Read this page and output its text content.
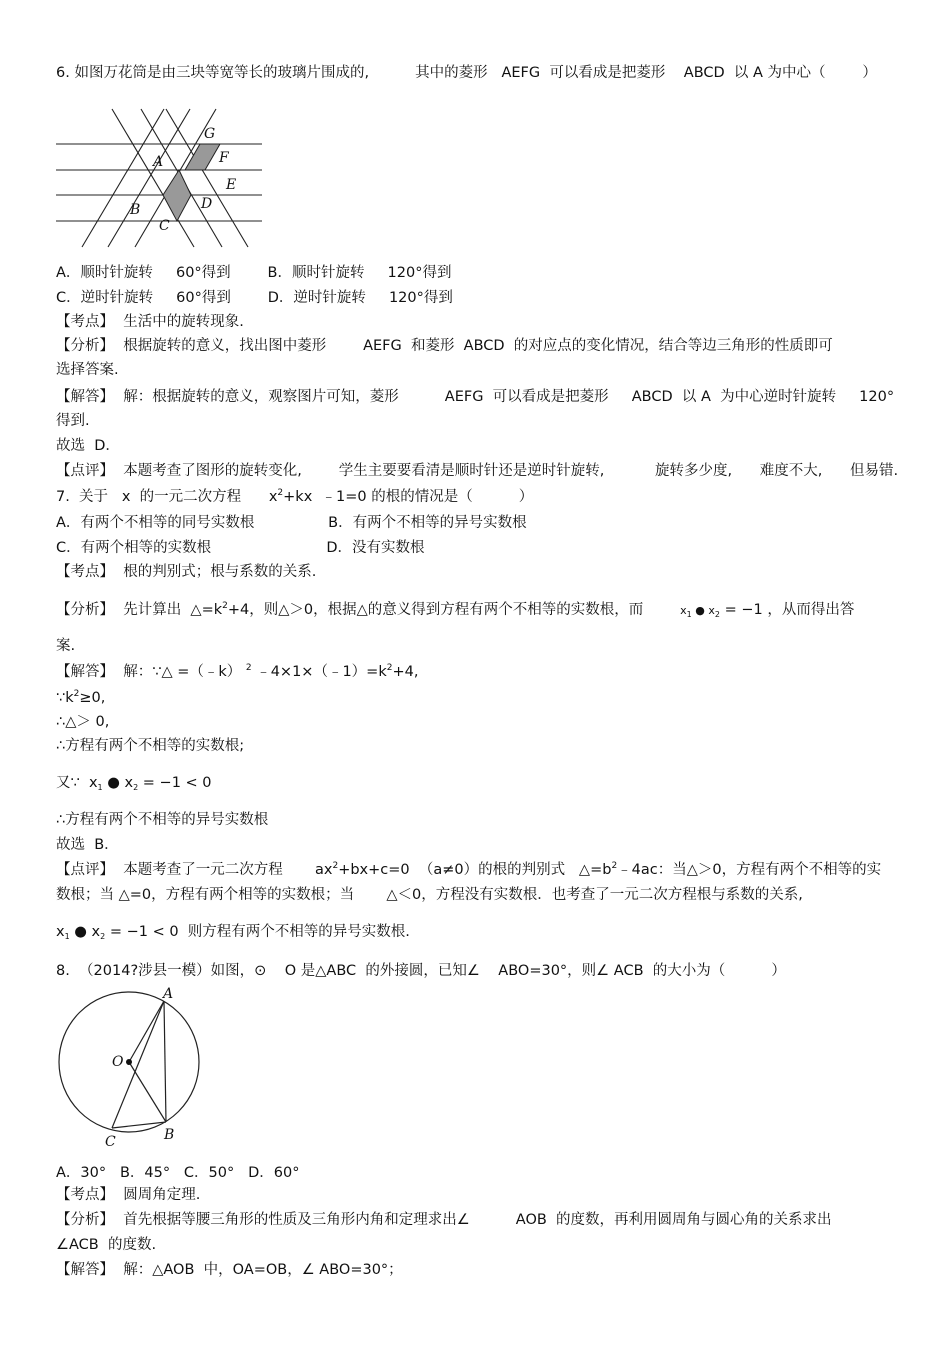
6. 如图万花筒是由三块等宽等长的玻璃片围成的,          其中的菱形   AEFG  可以看成是把菱形    ABCD  以 A 为中心（        ）
G
F
A
E
B	D
C
A．顺时针旋转     60°得到        B．顺时针旋转     120°得到
C．逆时针旋转     60°得到        D．逆时针旋转     120°得到
【考点】  生活中的旋转现象.
【分析】  根据旋转的意义，找出图中菱形        AEFG  和菱形  ABCD  的对应点的变化情况，结合等边三角形的性质即可
选择答案.
【解答】  解：根据旋转的意义，观察图片可知，菱形          AEFG  可以看成是把菱形     ABCD  以 A  为中心逆时针旋转     120°
得到.
故选  D．
【点评】  本题考查了图形的旋转变化,        学生主要要看清是顺时针还是逆时针旋转,           旋转多少度,      难度不大,      但易错.
7.  关于   x  的一元二次方程      $x^2+kx$  ﹣1=0 的根的情况是（          ）
A．有两个不相等的同号实数根                B．有两个不相等的异号实数根
C．有两个相等的实数根                         D．没有实数根
【考点】  根的判别式；根与系数的关系.
【分析】  先计算出  $\triangle=k^2+4$，则△＞0，根据△的意义得到方程有两个不相等的实数根，而	$x_1$ ● $x_2 = -1$ ，从而得出答
案.
【解答】  解：∵△ =（﹣k） $^2$ $﹣4\times 1\times(﹣1)=k^2+4$,
$\because k^2\ge 0$,
∴△＞ 0,
∴方程有两个不相等的实数根;
又∵  $x_1$ ● $x_2 = -1 < 0$
∴方程有两个不相等的异号实数根
故选  B．
【点评】  本题考查了一元二次方程       $ax^2+bx+c=0$  （a≠0）的根的判别式   $\triangle=b^2﹣4ac$：当△＞0，方程有两个不相等的实
数根；当 △=0，方程有两个相等的实数根；当       △＜0，方程没有实数根．也考查了一元二次方程根与系数的关系,
$x_1$ ● $x_2 = -1 < 0$  则方程有两个不相等的异号实数根.
8.  （2014?涉县一模）如图，⊙    O 是△ABC  的外接圆，已知∠    ABO=30°，则∠ ACB  的大小为（          ）
A
O
C	B
A．30°   B．45°   C．50°   D．60°
【考点】  圆周角定理.
【分析】  首先根据等腰三角形的性质及三角形内角和定理求出∠          AOB  的度数，再利用圆周角与圆心角的关系求出
∠ACB  的度数.
【解答】  解：△AOB  中，OA=OB，∠ ABO=30°；
